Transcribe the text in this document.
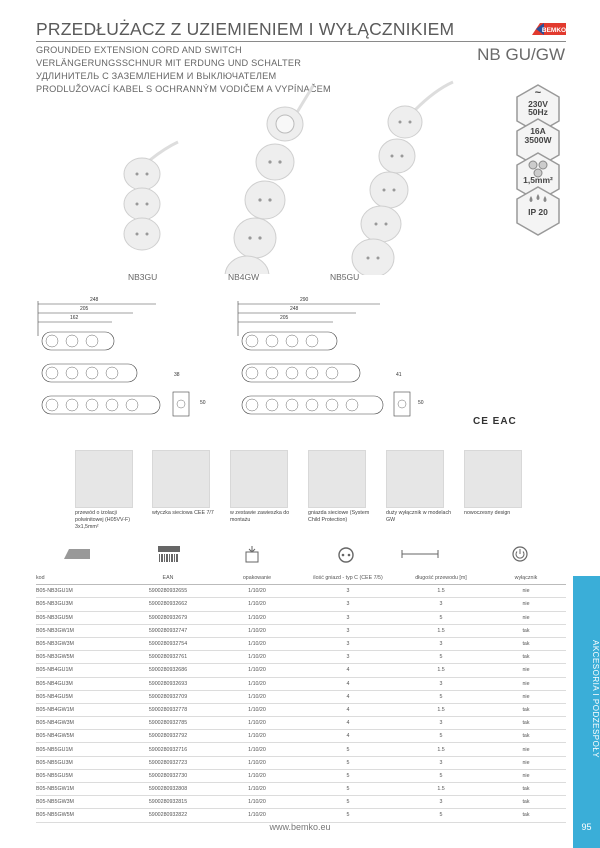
PRZEDŁUŻACZ Z UZIEMIENIEM I WYŁĄCZNIKIEM	BEMKO
GROUNDED EXTENSION CORD AND SWITCH
VERLÄNGERUNGSSCHNUR MIT ERDUNG UND SCHALTER
УДЛИНИТЕЛЬ С ЗАЗЕМЛЕНИЕМ И ВЫКЛЮЧАТЕЛЕМ
PRODLUŽOVACÍ KABEL S OCHRANNÝM VODIČEM A VYPÍNAČEM
NB GU/GW
~
230V
50Hz
16A
3500W
1,5mm²
IP 20
NB3GU	NB4GW	NB5GU
248
205
162
38
50
290
248
205
41
50
CE EAC
przewód o izolacji polwinitowej (H05VV-F) 3x1,5mm²
wtyczka sieciowa CEE 7/7	w zestawie zawieszka do montażu
gniazda sieciowe (System Child Protection)
duży wyłącznik w modelach GW
nowoczesny design
kod	EAN	opakowanie	ilość gniazd - typ C (CEE 7/5)	długość przewodu [m]	wyłącznik
B05-NB3GU1M	5900280932655	1/10/20	3	1.5	nie
B05-NB3GU3M	5900280932662	1/10/20	3	3	nie
B05-NB3GU5M	5900280932679	1/10/20	3	5	nie
B05-NB3GW1M	5900280932747	1/10/20	3	1.5	tak
B05-NB3GW3M	5900280932754	1/10/20	3	3	tak
B05-NB3GW5M	5900280932761	1/10/20	3	5	tak
B05-NB4GU1M	5900280932686	1/10/20	4	1.5	nie
B05-NB4GU3M	5900280932693	1/10/20	4	3	nie
B05-NB4GU5M	5900280932709	1/10/20	4	5	nie
B05-NB4GW1M	5900280932778	1/10/20	4	1.5	tak
B05-NB4GW3M	5900280932785	1/10/20	4	3	tak
B05-NB4GW5M	5900280932792	1/10/20	4	5	tak
B05-NB5GU1M	5900280932716	1/10/20	5	1.5	nie
B05-NB5GU3M	5900280932723	1/10/20	5	3	nie
B05-NB5GU5M	5900280932730	1/10/20	5	5	nie
B05-NB5GW1M	5900280932808	1/10/20	5	1.5	tak
B05-NB5GW3M	5900280932815	1/10/20	5	3	tak
B05-NB5GW5M	5900280932822	1/10/20	5	5	tak
AKCESORIA I PODZESPOŁY
95
www.bemko.eu
